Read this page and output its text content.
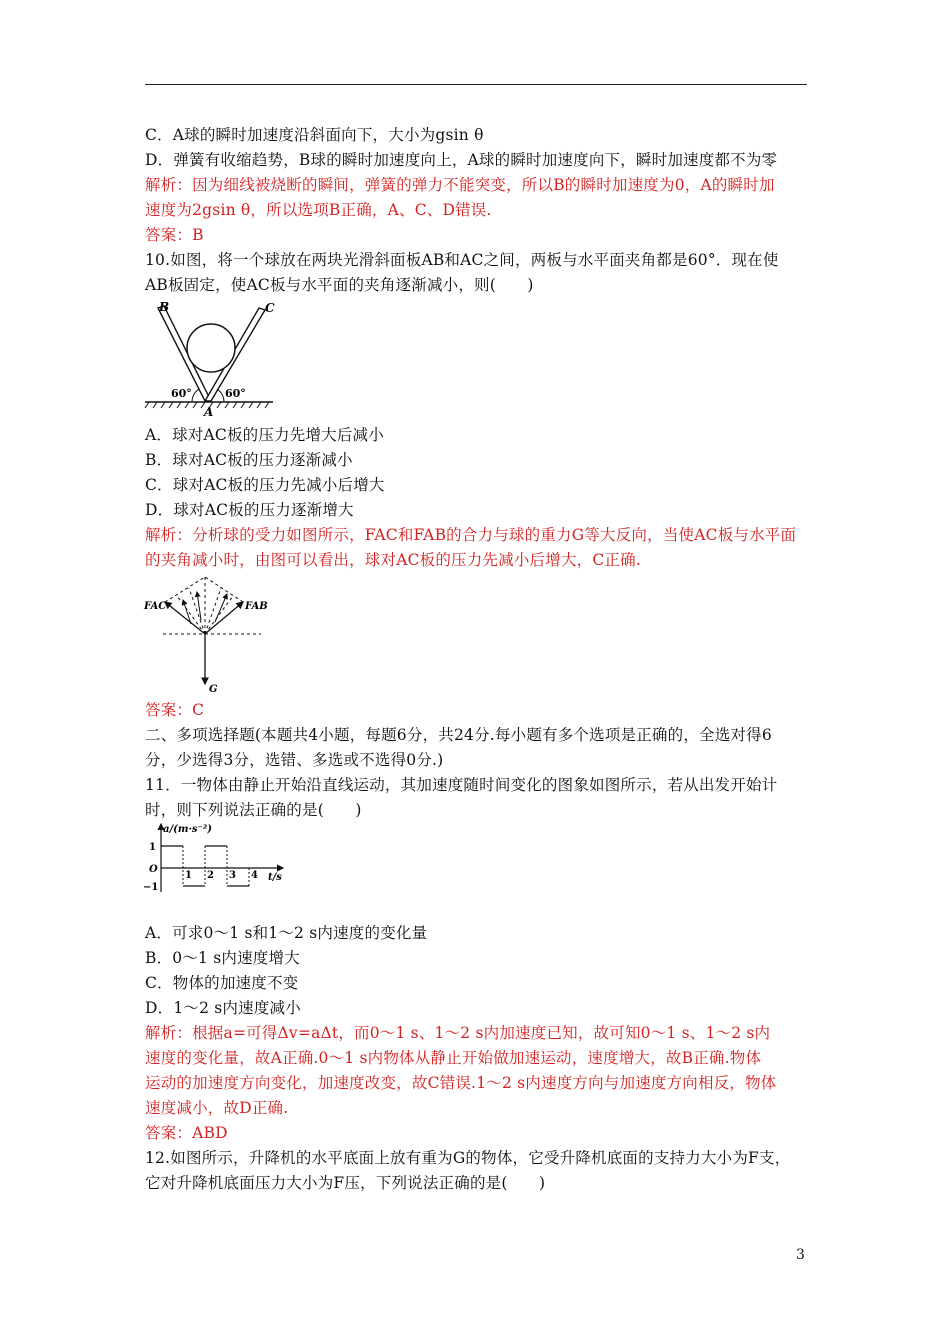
C．A球的瞬时加速度沿斜面向下，大小为gsin θ
D．弹簧有收缩趋势，B球的瞬时加速度向上，A球的瞬时加速度向下，瞬时加速度都不为零
解析：因为细线被烧断的瞬间，弹簧的弹力不能突变，所以B的瞬时加速度为0，A的瞬时加
速度为2gsin θ，所以选项B正确，A、C、D错误.
答案：B
10.如图，将一个球放在两块光滑斜面板AB和AC之间，两板与水平面夹角都是60°．现在使
AB板固定，使AC板与水平面的夹角逐渐减小，则(　　)
B	C
A
60°	60°
A．球对AC板的压力先增大后减小
B．球对AC板的压力逐渐减小
C．球对AC板的压力先减小后增大
D．球对AC板的压力逐渐增大
解析：分析球的受力如图所示，FAC和FAB的合力与球的重力G等大反向，当使AC板与水平面
的夹角减小时，由图可以看出，球对AC板的压力先减小后增大，C正确.
FAC	FAB
G
答案：C
二、多项选择题(本题共4小题，每题6分，共24分.每小题有多个选项是正确的，全选对得6
分，少选得3分，选错、多选或不选得0分.)
11．一物体由静止开始沿直线运动，其加速度随时间变化的图象如图所示，若从出发开始计
时，则下列说法正确的是(　　)
a/(m·s⁻²)
t/s
1
−1
O
1 2 3 4
A．可求0～1 s和1～2 s内速度的变化量
B．0～1 s内速度增大
C．物体的加速度不变
D．1～2 s内速度减小
解析：根据a=可得Δv=aΔt，而0～1 s、1～2 s内加速度已知，故可知0～1 s、1～2 s内
速度的变化量，故A正确.0～1 s内物体从静止开始做加速运动，速度增大，故B正确.物体
运动的加速度方向变化，加速度改变，故C错误.1～2 s内速度方向与加速度方向相反，物体
速度减小，故D正确.
答案：ABD
12.如图所示，升降机的水平底面上放有重为G的物体，它受升降机底面的支持力大小为F支，
它对升降机底面压力大小为F压，下列说法正确的是(　　)
3
